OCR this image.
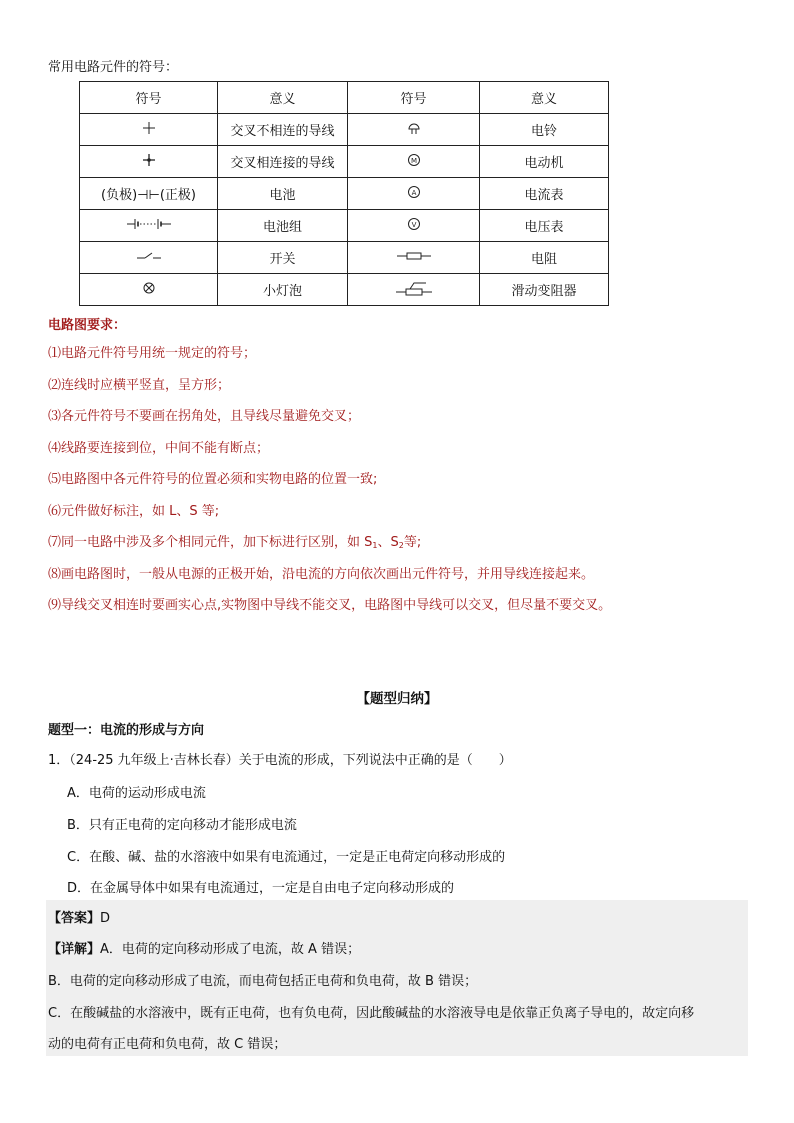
常用电路元件的符号：
符号	意义	符号	意义

	交叉不相连的导线		电铃

	交叉相连接的导线	M	电动机
(负极)⊣⊢(正极)	电池	A	电流表

	电池组	V	电压表

	开关		电阻

	小灯泡		滑动变阻器
电路图要求：
⑴电路元件符号用统一规定的符号；
⑵连线时应横平竖直，呈方形；
⑶各元件符号不要画在拐角处，且导线尽量避免交叉；
⑷线路要连接到位，中间不能有断点；
⑸电路图中各元件符号的位置必须和实物电路的位置一致;
⑹元件做好标注，如 L、S 等;
⑺同一电路中涉及多个相同元件，加下标进行区别，如 $S_1$、$S_2$等;
⑻画电路图时，一般从电源的正极开始，沿电流的方向依次画出元件符号，并用导线连接起来。
⑼导线交叉相连时要画实心点,实物图中导线不能交叉，电路图中导线可以交叉，但尽量不要交叉。
【题型归纳】
题型一：电流的形成与方向
1．（24-25 九年级上·吉林长春）关于电流的形成，下列说法中正确的是（　　）
A．电荷的运动形成电流
B．只有正电荷的定向移动才能形成电流
C．在酸、碱、盐的水溶液中如果有电流通过，一定是正电荷定向移动形成的
D．在金属导体中如果有电流通过，一定是自由电子定向移动形成的
【答案】D
【详解】A．电荷的定向移动形成了电流，故 A 错误；
B．电荷的定向移动形成了电流，而电荷包括正电荷和负电荷，故 B 错误；
C．在酸碱盐的水溶液中，既有正电荷，也有负电荷，因此酸碱盐的水溶液导电是依靠正负离子导电的，故定向移
动的电荷有正电荷和负电荷，故 C 错误；
